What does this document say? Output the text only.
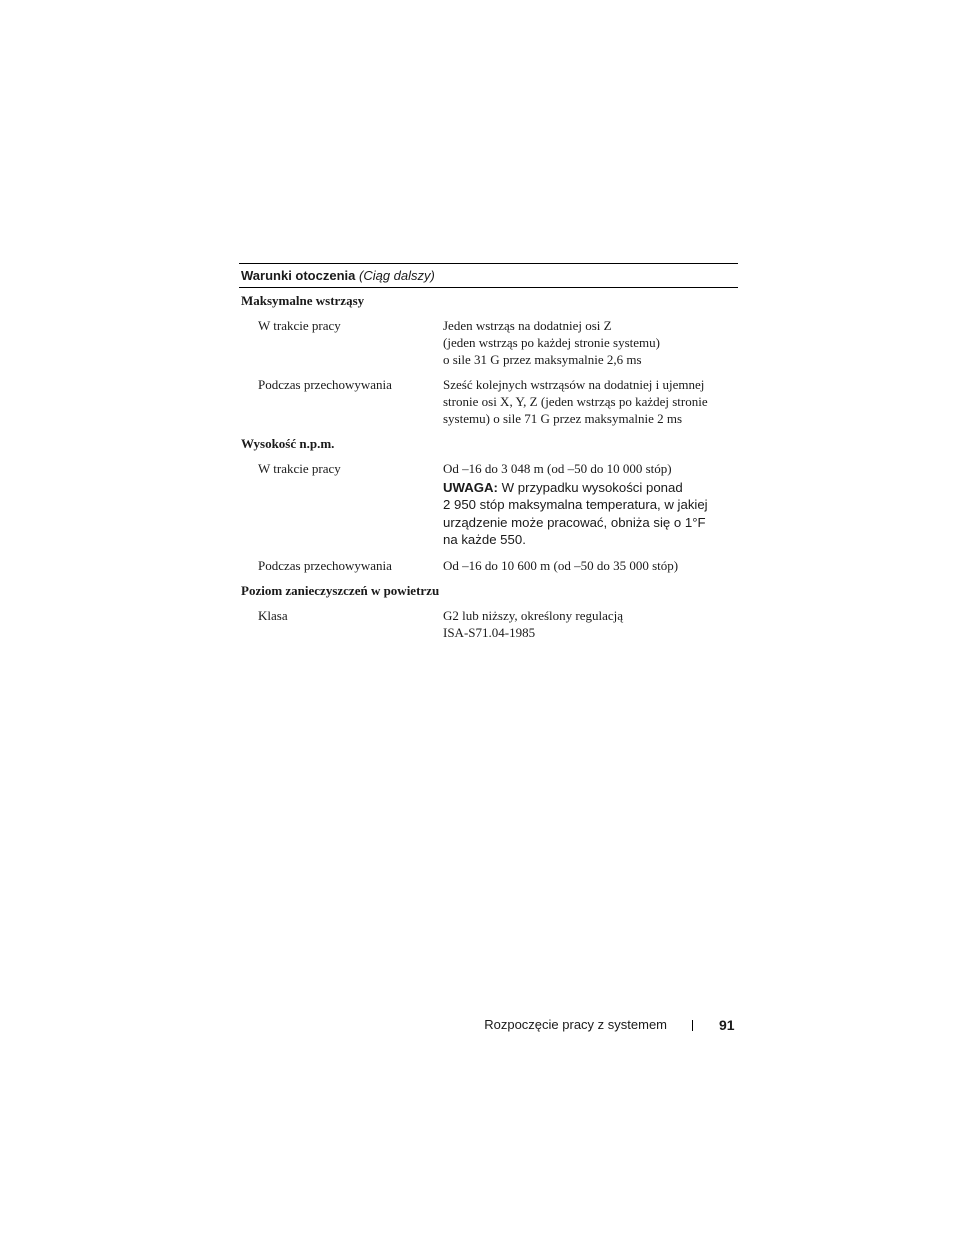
Warunki otoczenia (Ciąg dalszy)
Maksymalne wstrząsy
W trakcie pracy	Jeden wstrząs na dodatniej osi Z
(jeden wstrząs po każdej stronie systemu)
o sile 31 G przez maksymalnie 2,6 ms
Podczas przechowywania	Sześć kolejnych wstrząsów na dodatniej i ujemnej
stronie osi X, Y, Z (jeden wstrząs po każdej stronie
systemu) o sile 71 G przez maksymalnie 2 ms
Wysokość n.p.m.
W trakcie pracy	Od –16 do 3 048 m (od –50 do 10 000 stóp)
UWAGA: W przypadku wysokości ponad
2 950 stóp maksymalna temperatura, w jakiej
urządzenie może pracować, obniża się o 1°F
na każde 550.
Podczas przechowywania	Od –16 do 10 600 m (od –50 do 35 000 stóp)
Poziom zanieczyszczeń w powietrzu
Klasa	G2 lub niższy, określony regulacją
ISA-S71.04-1985
Rozpoczęcie pracy z systemem	91
